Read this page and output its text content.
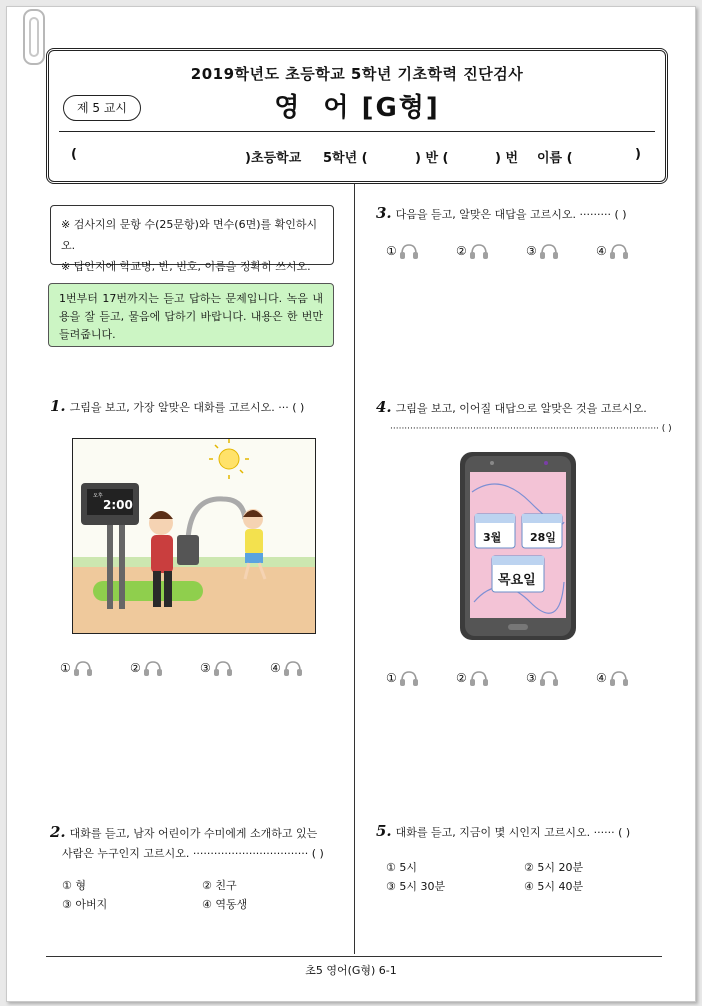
2019학년도 초등학교 5학년 기초학력 진단검사
제 5 교시	영  어 [G형]
(	)초등학교 5학년 (	) 반 (	) 번 이름 (	)
※ 검사지의 문항 수(25문항)와 면수(6면)를 확인하시오.
※ 답안지에 학교명, 반, 번호, 이름을 정확히 쓰시오.
1번부터 17번까지는 듣고 답하는 문제입니다. 녹음 내용을 잘 듣고, 물음에 답하기 바랍니다. 내용은 한 번만 들려줍니다.
1. 그림을 보고, 가장 알맞은 대화를 고르시오. ··· ( )
오후
2:00
①	②	③	④
2. 대화를 듣고, 남자 어린이가 수미에게 소개하고 있는
사람은 누구인지 고르시오. ································· ( )
① 형	② 친구
③ 아버지	④ 역동생
3. 다음을 듣고, 알맞은 대답을 고르시오. ········· ( )
①	②	③	④
4. 그림을 보고, 이어질 대답으로 알맞은 것을 고르시오.
······························································································ ( )
3월	28일
목요일
①	②	③	④
5. 대화를 듣고, 지금이 몇 시인지 고르시오. ······ ( )
① 5시	② 5시 20분
③ 5시 30분	④ 5시 40분
초5 영어(G형) 6-1
